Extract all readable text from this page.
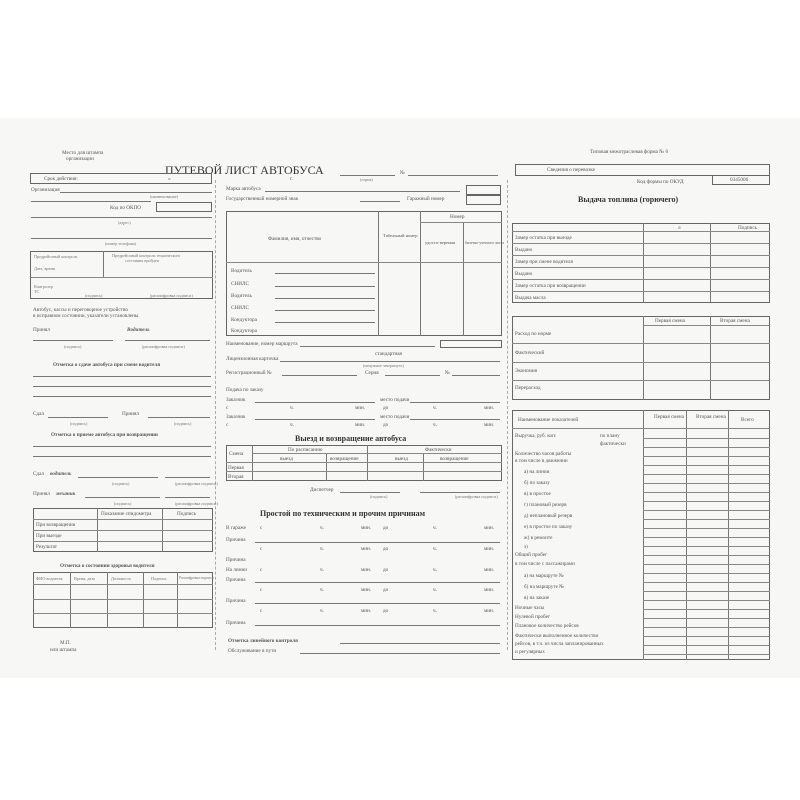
Место для штампа
организации
ПУТЕВОЙ ЛИСТ АВТОБУСА
(серия)
№
Типовая межотраслевая форма № 6
Сведения о перевозке
Код формы по ОКУД	0345006
Срок действия:	«	г.
Организация
(наименование)
Код по ОКПО
(адрес)
(номер телефона)
Предрейсовый контроль	Предрейсовый контроль технического
состояния пройден
Дата, время
Контролер
ТС
(подпись)	(расшифровка подписи)
Автобус, кассы и переговорное устройство
в исправном состоянии, указатели установлены
Принял	Водитель
(подпись)	(расшифровка подписи)
Отметка о сдаче автобуса при смене водителя
Сдал	Принял
(подпись)	(подпись)
Отметка о приеме автобуса при возвращении
Сдал водитель
(подпись)	(расшифровка подписи)
Принял механик
(подпись)	(расшифровка подписи)
Показание спидометра	Подпись
При возвращении
При выезде
Результат
Отметка о состоянии здоровья водителя
ФИО водителя	Время, дата	Должность	Подпись	Расшифровка подписи
М.П.
или штампа
Марка автобуса
Государственный номерной знак	Гаражный номер
Фамилия, имя, отчество
Табельный номер
Номер
удосто-верения	билетно-учетного листа
Водитель
СНИЛС
Водитель
СНИЛС
Кондуктора
Кондуктора
Наименование, номер маршрута
стандартная
Лицензионная карточка
(ненужное зачеркнуть)
Регистрационный №	Серия	№
Подача по заказу
Заказчик	место подачи
с	ч.	мин.	до	ч.	мин.
Заказчик	место подачи
с	ч.	мин.	до	ч.	мин.
Выезд и возвращение автобуса
Смена
По расписанию	Фактически
выезд	возвращение	выезд	возвращение
Первая
Вторая
Диспетчер
(подпись)	(расшифровка подписи)
Простой по техническим и прочим причинам
В гараже
Причина
Причина
На линии
Причина
Причина
Причина
с	ч.	мин. до	ч.	мин.
с	ч.	мин. до	ч.	мин.
с	ч.	мин. до	ч.	мин.
с	ч.	мин. до	ч.	мин.
с	ч.	мин. до	ч.	мин.
Отметка линейного контроля
Обслуживание в пути
Выдача топлива (горючего)
л	Подпись
Замер остатка при выезде
Выдано
Замер при смене водителя
Выдано
Замер остатка при возвращении
Выдача масла
Первая смена	Вторая смена
Расход по норме
Фактический
Экономия
Перерасход
Наименование показателей	Первая смена Вторая смена	Всего
Выручка, руб. коп:	по плану
фактически
Количество часов работы
в том числе в движении
а) на линии
б) по заказу
в) в простое
г) плановый резерв
д) неплановый резерв
е) в простое по заказу
ж) в ремонте
з)
Общий пробег
в том числе с пассажирами
а) на маршруте №
б) на маршруте №
в) на заказе
Ночные часы
Нулевой пробег
Плановое количество рейсов
Фактически выполненное количество
рейсов, в т.ч. из числа запланированных
и регулярных
